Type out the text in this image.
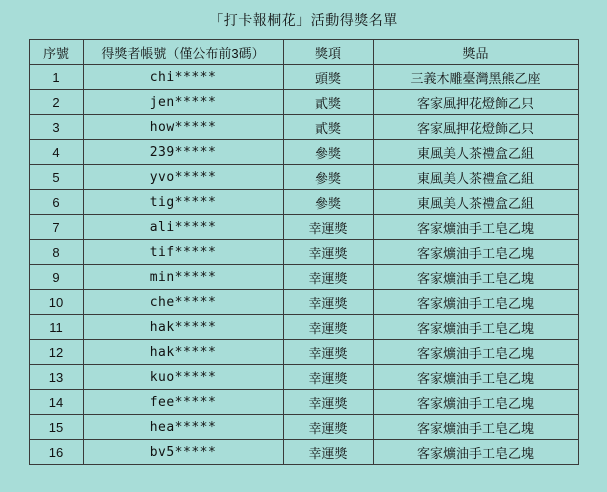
「打卡報桐花」活動得獎名單
序號	得獎者帳號（僅公布前3碼）	獎項	獎品
1	chi*****	頭獎	三義木雕臺灣黑熊乙座
2	jen*****	貳獎	客家風押花燈飾乙只
3	how*****	貳獎	客家風押花燈飾乙只
4	239*****	參獎	東風美人茶禮盒乙組
5	yvo*****	參獎	東風美人茶禮盒乙組
6	tig*****	參獎	東風美人茶禮盒乙組
7	ali*****	幸運獎	客家爌油手工皂乙塊
8	tif*****	幸運獎	客家爌油手工皂乙塊
9	min*****	幸運獎	客家爌油手工皂乙塊
10	che*****	幸運獎	客家爌油手工皂乙塊
11	hak*****	幸運獎	客家爌油手工皂乙塊
12	hak*****	幸運獎	客家爌油手工皂乙塊
13	kuo*****	幸運獎	客家爌油手工皂乙塊
14	fee*****	幸運獎	客家爌油手工皂乙塊
15	hea*****	幸運獎	客家爌油手工皂乙塊
16	bv5*****	幸運獎	客家爌油手工皂乙塊
